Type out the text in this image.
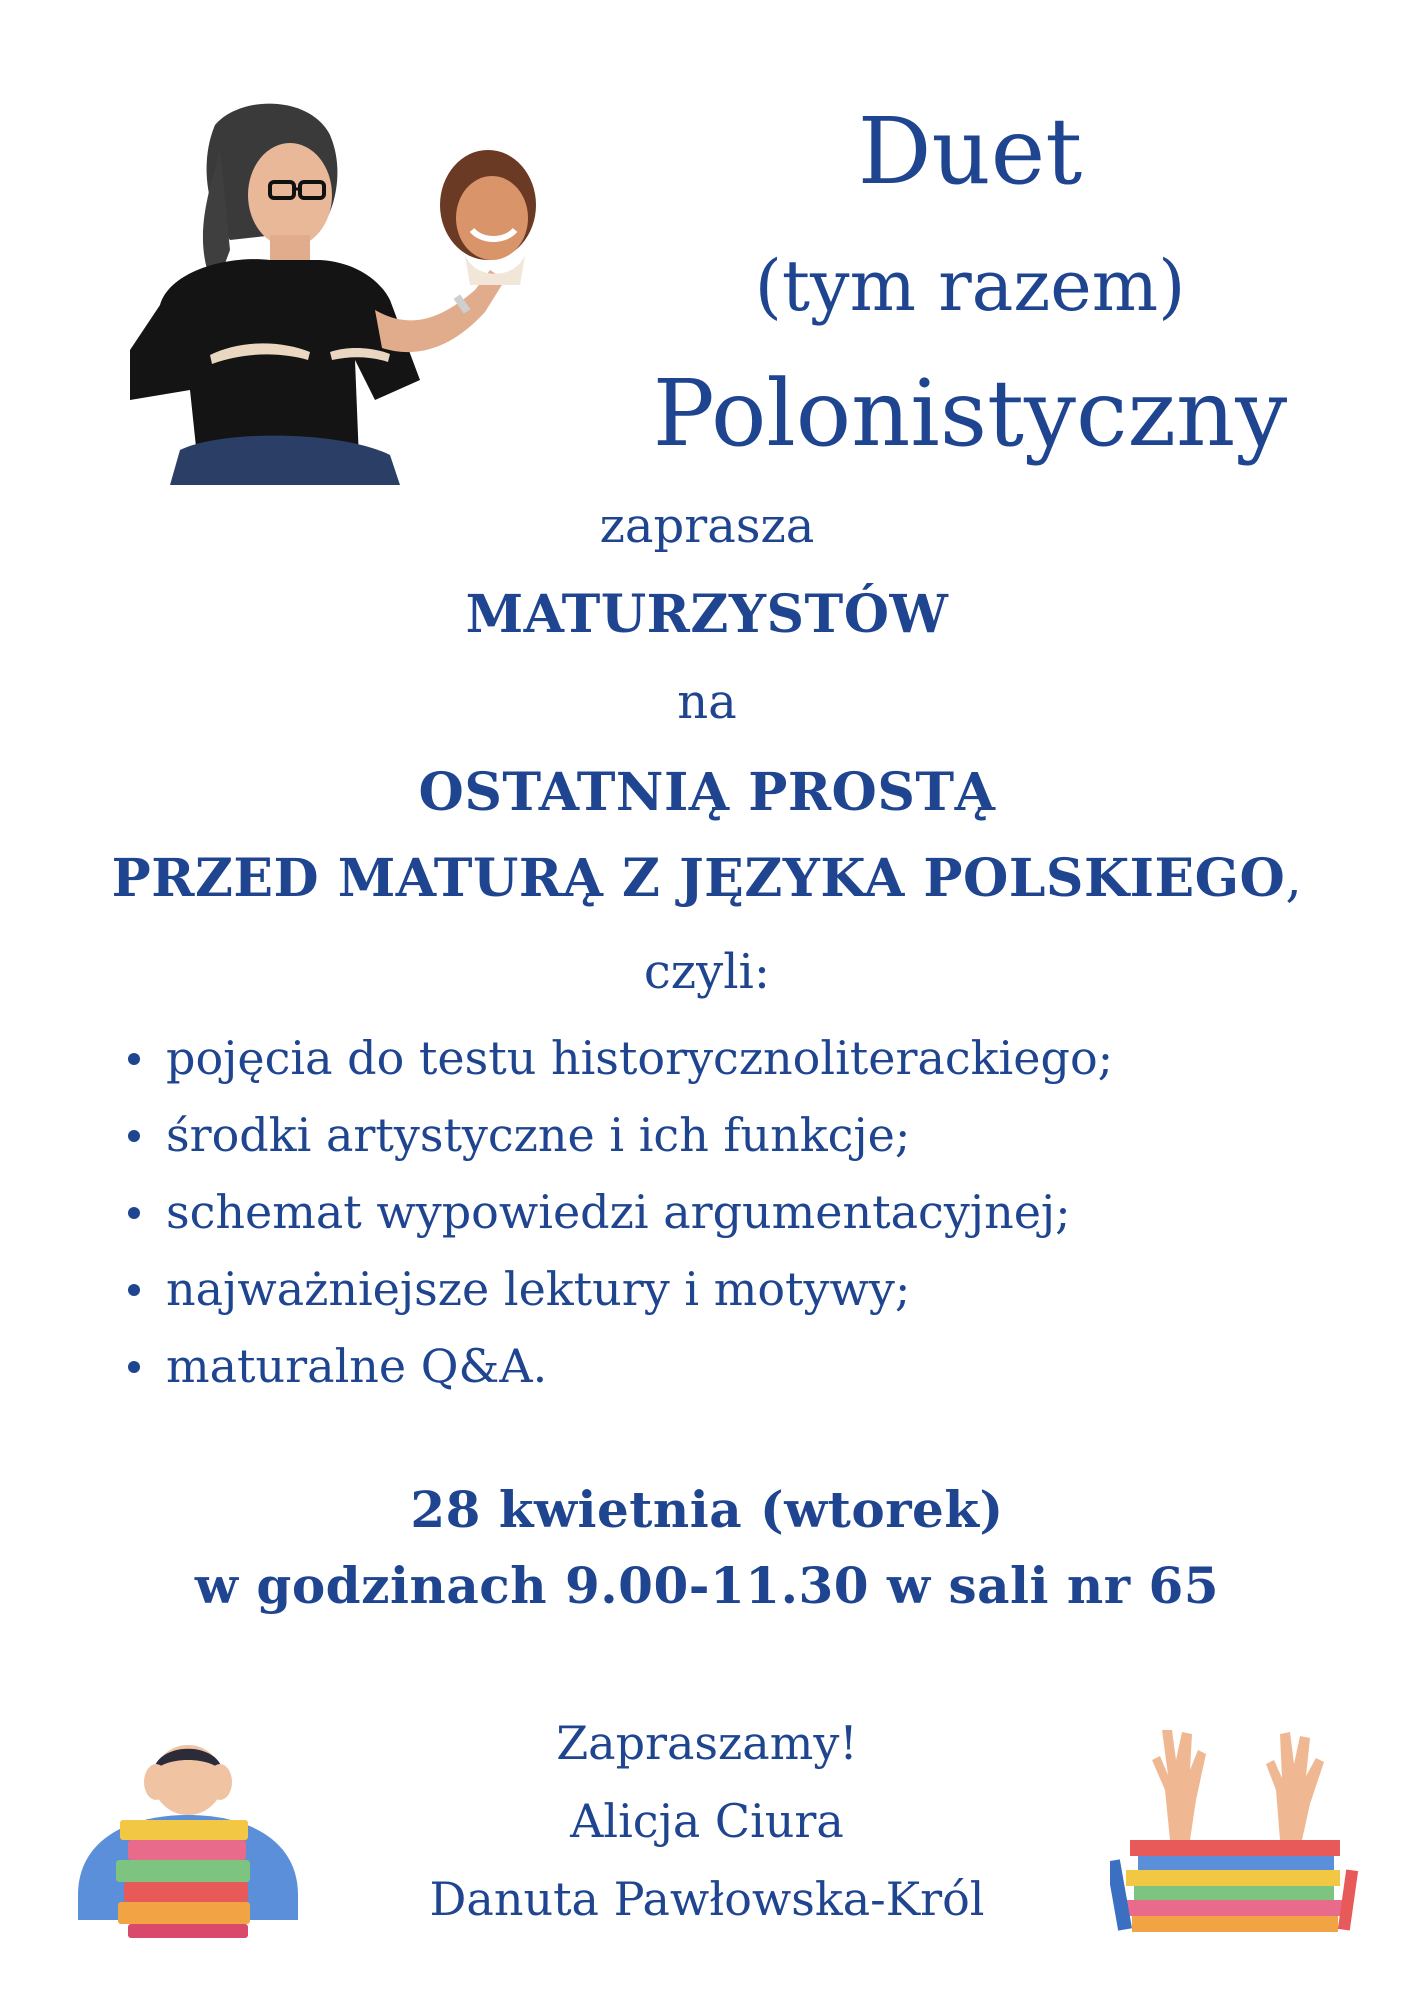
Duet
(tym razem)
Polonistyczny
zaprasza
MATURZYSTÓW
na
OSTATNIĄ PROSTĄ
PRZED MATURĄ Z JĘZYKA POLSKIEGO,
czyli:
pojęcia do testu historycznoliterackiego;
środki artystyczne i ich funkcje;
schemat wypowiedzi argumentacyjnej;
najważniejsze lektury i motywy;
maturalne Q&A.
28 kwietnia (wtorek)
w godzinach 9.00-11.30 w sali nr 65
Zapraszamy!
Alicja Ciura
Danuta Pawłowska-Król
